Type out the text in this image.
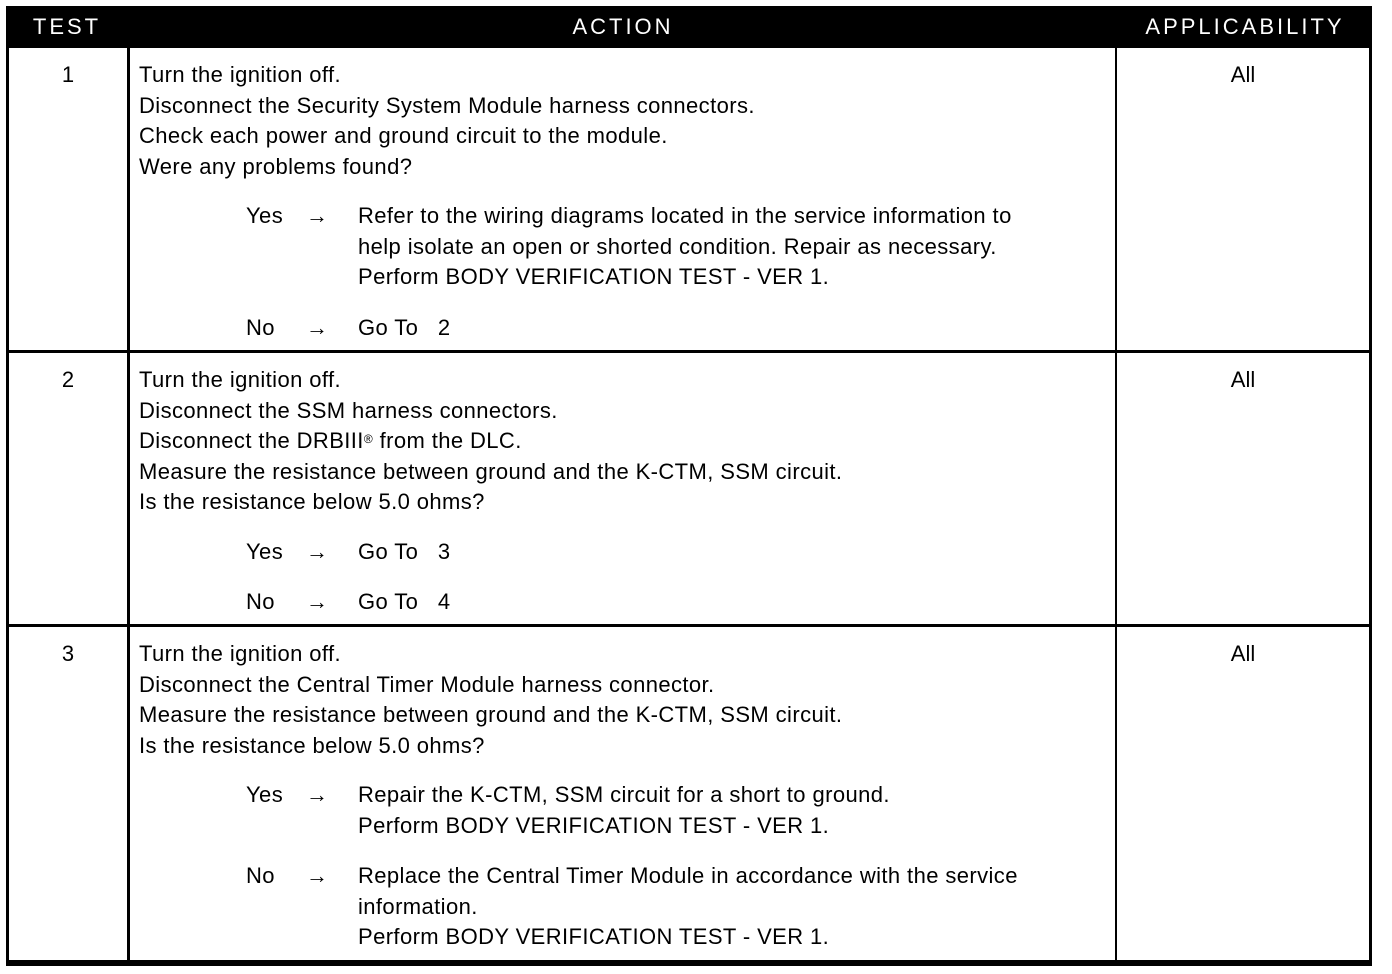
TEST	ACTION	APPLICABILITY
1	Turn the ignition off.
Disconnect the Security System Module harness connectors.
Check each power and ground circuit to the module.
Were any problems found?
Yes	→	Refer to the wiring diagrams located in the service information to
help isolate an open or shorted condition. Repair as necessary.
Perform BODY VERIFICATION TEST - VER 1.
No	→	Go To   2
All
2	Turn the ignition off.
Disconnect the SSM harness connectors.
Disconnect the DRBIII® from the DLC.
Measure the resistance between ground and the K-CTM, SSM circuit.
Is the resistance below 5.0 ohms?
Yes	→	Go To   3
No	→	Go To   4
All
3	Turn the ignition off.
Disconnect the Central Timer Module harness connector.
Measure the resistance between ground and the K-CTM, SSM circuit.
Is the resistance below 5.0 ohms?
Yes	→	Repair the K-CTM, SSM circuit for a short to ground.
Perform BODY VERIFICATION TEST - VER 1.
No	→	Replace the Central Timer Module in accordance with the service
information.
Perform BODY VERIFICATION TEST - VER 1.
All
